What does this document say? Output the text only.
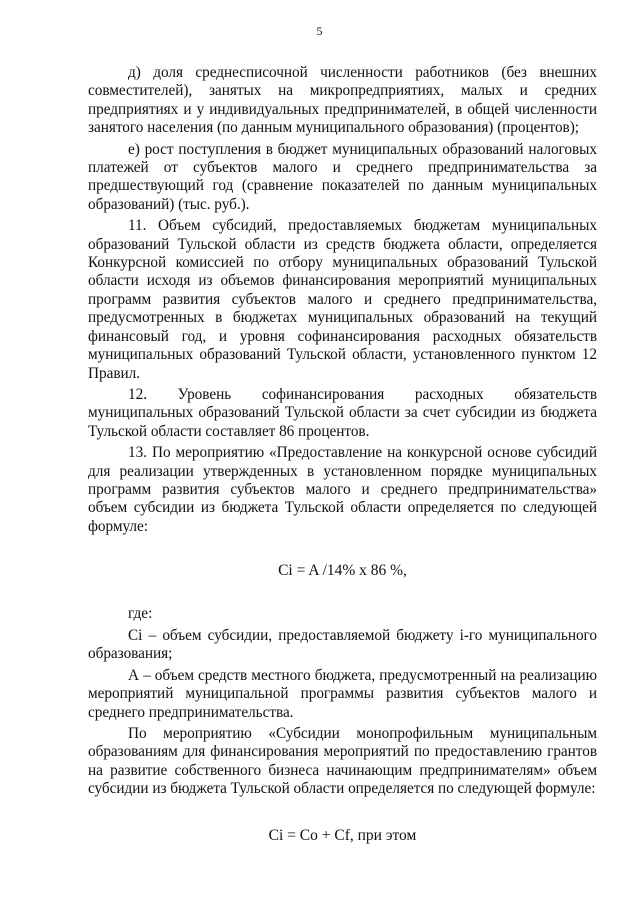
5

д) доля среднесписочной численности работников (без внешних совместителей), занятых на микропредприятиях, малых и средних предприятиях и у индивидуальных предпринимателей, в общей численности занятого населения (по данным муниципального образования) (процентов);

е) рост поступления в бюджет муниципальных образований налоговых платежей от субъектов малого и среднего предпринимательства за предшествующий год (сравнение показателей по данным муниципальных образований) (тыс. руб.).

11. Объем субсидий, предоставляемых бюджетам муниципальных образований Тульской области из средств бюджета области, определяется Конкурсной комиссией по отбору муниципальных образований Тульской области исходя из объемов финансирования мероприятий муниципальных программ развития субъектов малого и среднего предпринимательства, предусмотренных в бюджетах муниципальных образований на текущий финансовый год, и уровня софинансирования расходных обязательств муниципальных образований Тульской области, установленного пунктом 12 Правил.

12. Уровень софинансирования расходных обязательств муниципальных образований Тульской области за счет субсидии из бюджета Тульской области составляет 86 процентов.

13. По мероприятию «Предоставление на конкурсной основе субсидий для реализации утвержденных в установленном порядке муниципальных программ развития субъектов малого и среднего предпринимательства» объем субсидии из бюджета Тульской области определяется по следующей формуле:

Ci = A /14% х 86 %,

где:

Ci – объем субсидии, предоставляемой бюджету i-го муниципального образования;

А – объем средств местного бюджета, предусмотренный на реализацию мероприятий муниципальной программы развития субъектов малого и среднего предпринимательства.

По мероприятию «Субсидии монопрофильным муниципальным образованиям для финансирования мероприятий по предоставлению грантов на развитие собственного бизнеса начинающим предпринимателям» объем субсидии из бюджета Тульской области определяется по следующей формуле:

Ci = Co + Cf, при этом
